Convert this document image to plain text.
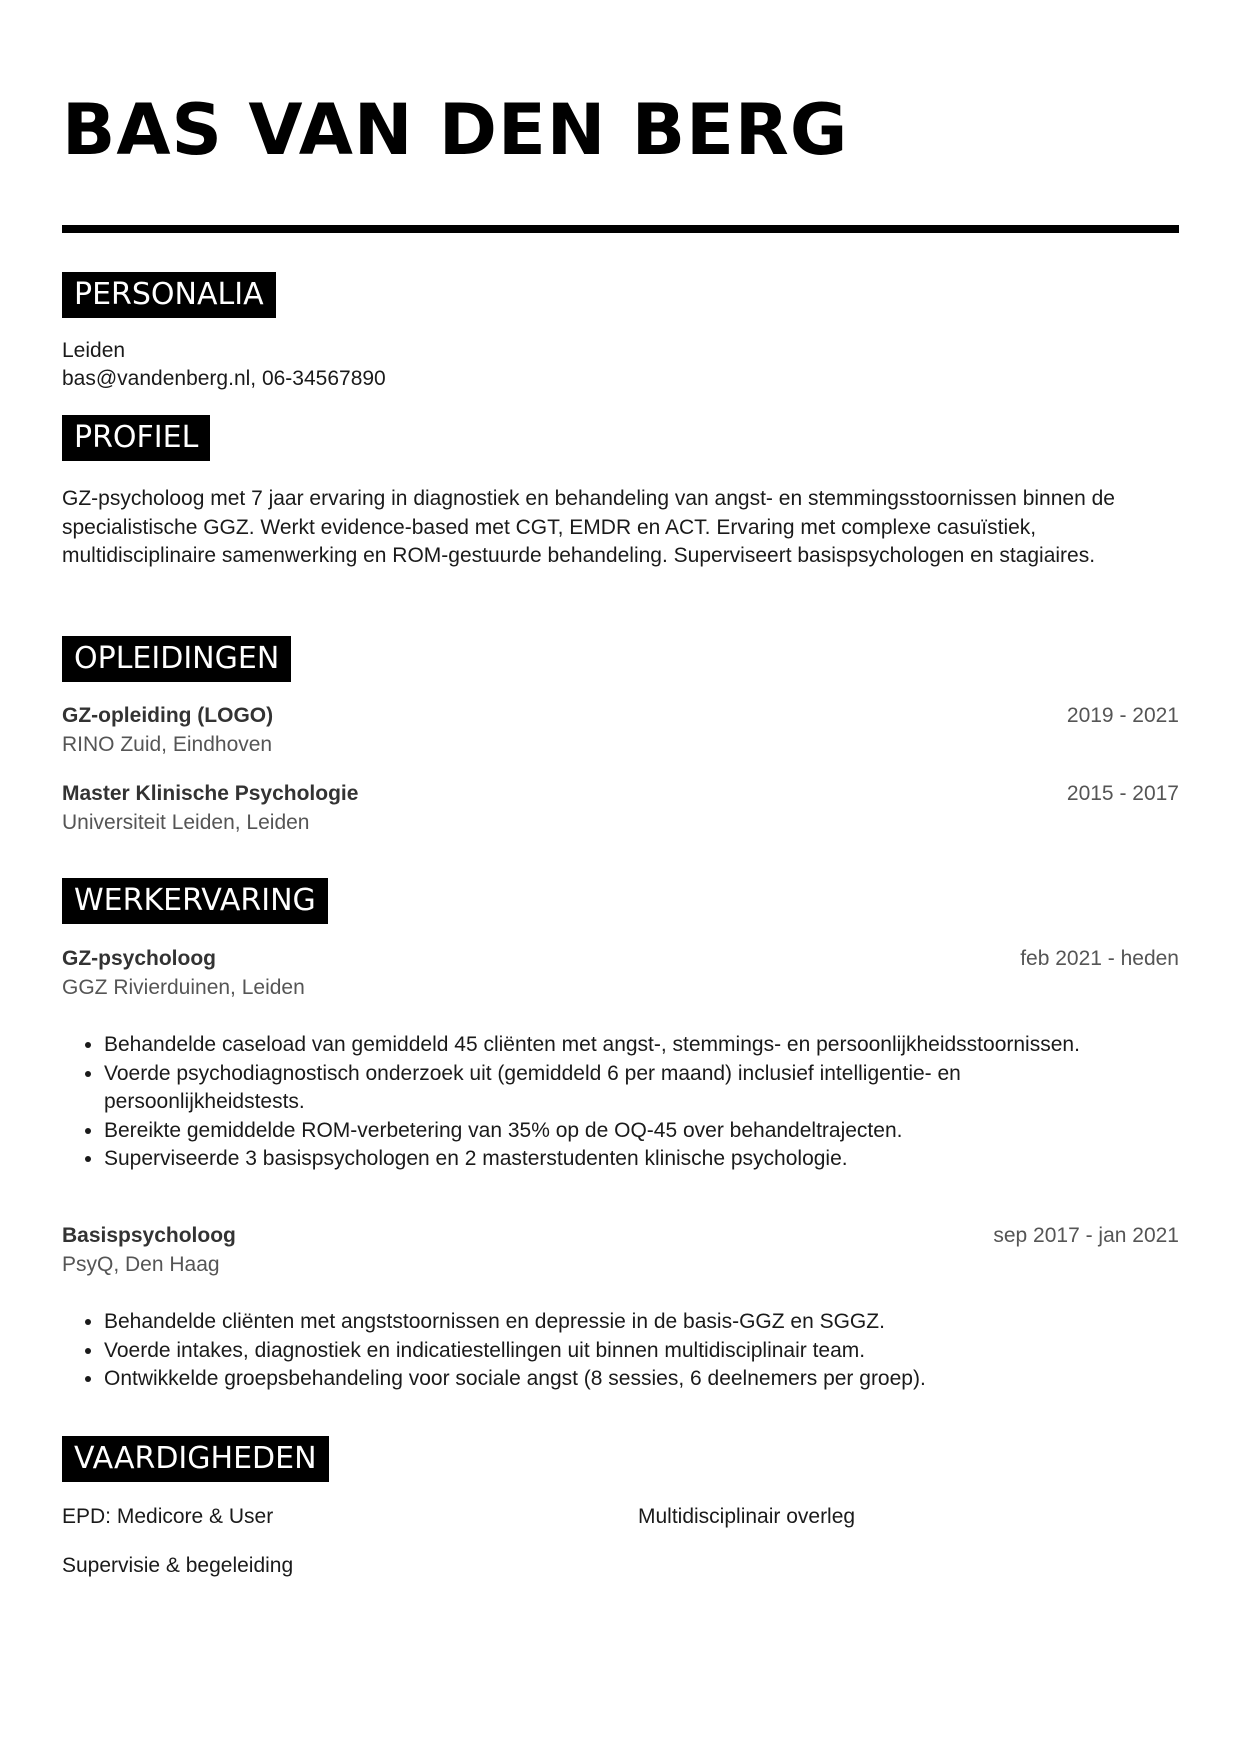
BAS VAN DEN BERG
PERSONALIA
Leiden
bas@vandenberg.nl, 06-34567890
PROFIEL
GZ-psycholoog met 7 jaar ervaring in diagnostiek en behandeling van angst- en stemmingsstoornissen binnen de specialistische GGZ. Werkt evidence-based met CGT, EMDR en ACT. Ervaring met complexe casuïstiek, multidisciplinaire samenwerking en ROM-gestuurde behandeling. Superviseert basispsychologen en stagiaires.
OPLEIDINGEN
GZ-opleiding (LOGO)	2019 - 2021
RINO Zuid, Eindhoven
Master Klinische Psychologie	2015 - 2017
Universiteit Leiden, Leiden
WERKERVARING
GZ-psycholoog	feb 2021 - heden
GGZ Rivierduinen, Leiden
• Behandelde caseload van gemiddeld 45 cliënten met angst-, stemmings- en persoonlijkheidsstoornissen.
• Voerde psychodiagnostisch onderzoek uit (gemiddeld 6 per maand) inclusief intelligentie- en persoonlijkheidstests.
• Bereikte gemiddelde ROM-verbetering van 35% op de OQ-45 over behandeltrajecten.
• Superviseerde 3 basispsychologen en 2 masterstudenten klinische psychologie.
Basispsycholoog	sep 2017 - jan 2021
PsyQ, Den Haag
• Behandelde cliënten met angststoornissen en depressie in de basis-GGZ en SGGZ.
• Voerde intakes, diagnostiek en indicatiestellingen uit binnen multidisciplinair team.
• Ontwikkelde groepsbehandeling voor sociale angst (8 sessies, 6 deelnemers per groep).
VAARDIGHEDEN
EPD: Medicore & User	Multidisciplinair overleg
Supervisie & begeleiding
